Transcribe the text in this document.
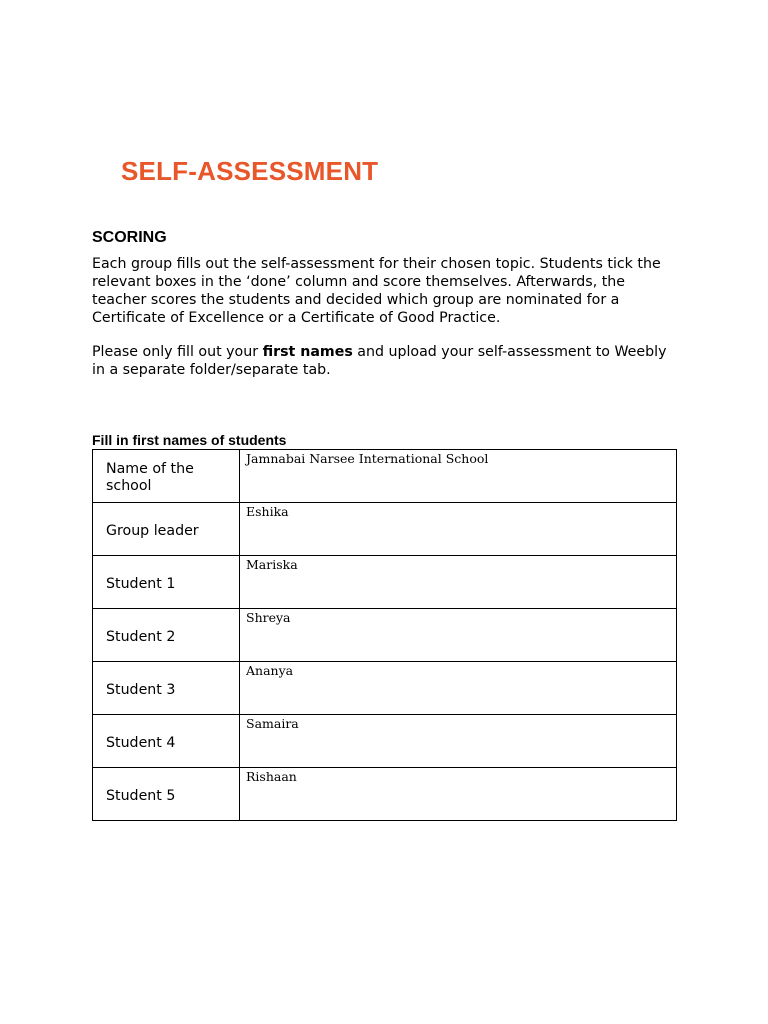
SELF-ASSESSMENT
SCORING

Each group fills out the self-assessment for their chosen topic. Students tick the relevant boxes in the ‘done’ column and score themselves. Afterwards, the teacher scores the students and decided which group are nominated for a Certificate of Excellence or a Certificate of Good Practice.

Please only fill out your first names and upload your self-assessment to Weebly in a separate folder/separate tab.

Fill in first names of students
Name of the school	Jamnabai Narsee International School

Group leader	Eshika

Student 1	Mariska

Student 2	Shreya

Student 3	Ananya

Student 4	Samaira

Student 5	Rishaan
